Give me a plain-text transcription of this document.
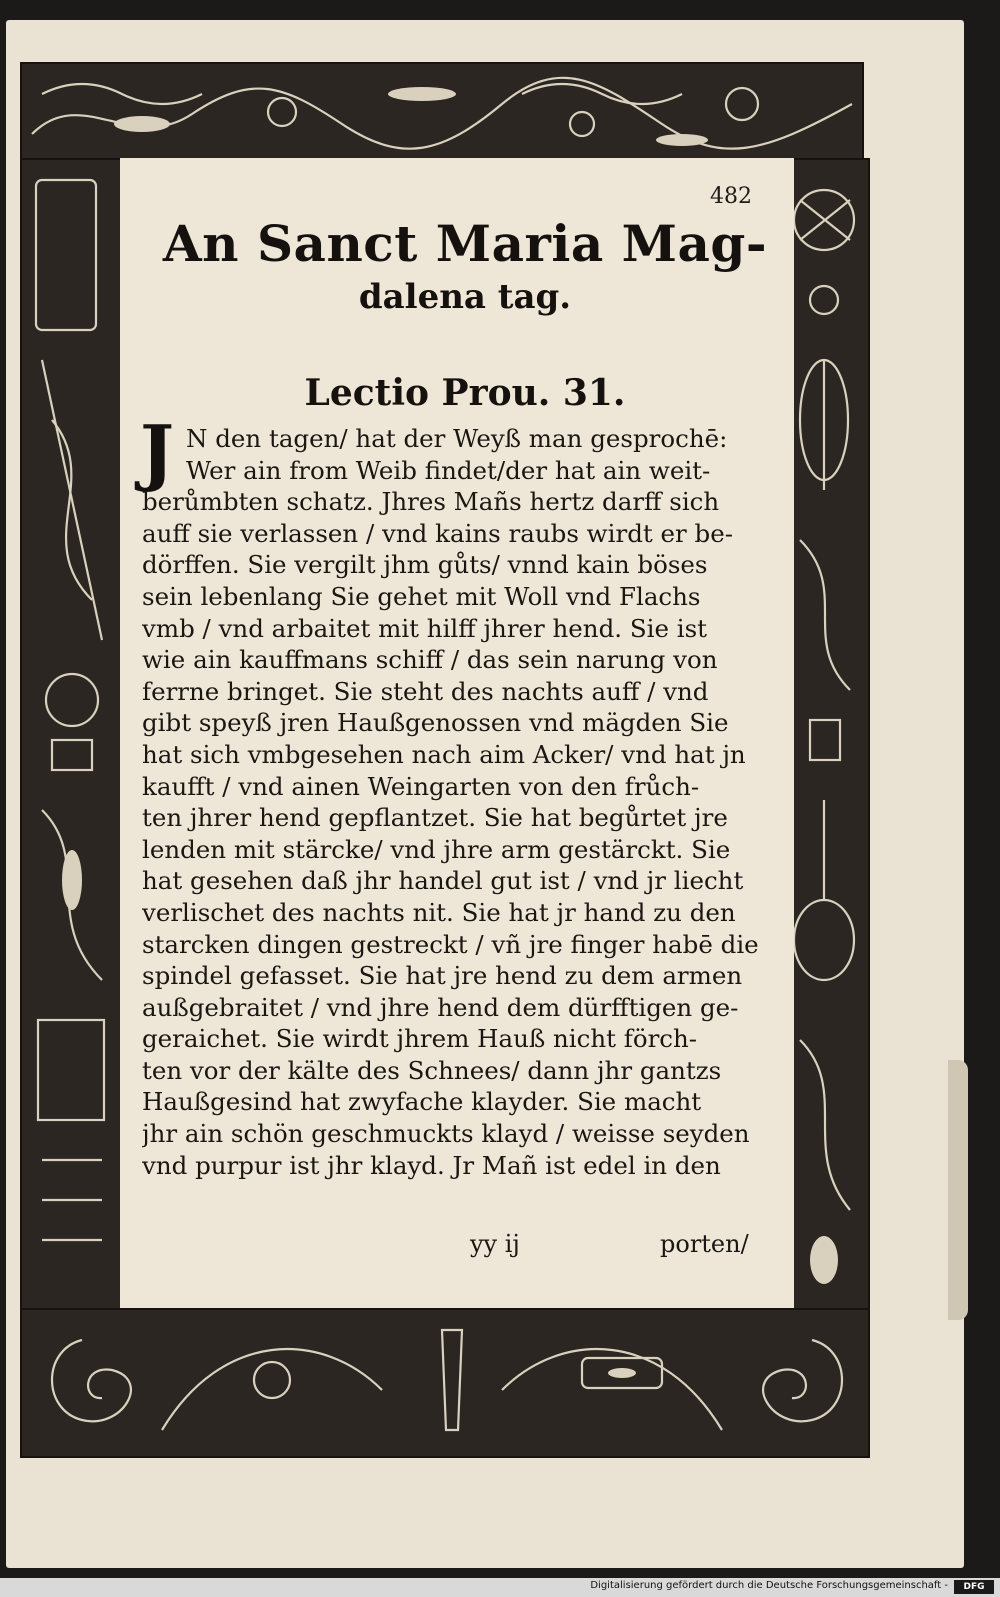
482
An Sanct Maria Mag-
dalena tag.
Lectio Prou. 31.
J N den tagen/ hat der Weyß man gesprochē:
Wer ain from Weib findet/der hat ain weit-
berůmbten schatz. Jhres Mañs hertz darff sich
auff sie verlassen / vnd kains raubs wirdt er be-
dörffen. Sie vergilt jhm gůts/ vnnd kain böses
sein lebenlang Sie gehet mit Woll vnd Flachs
vmb / vnd arbaitet mit hilff jhrer hend. Sie ist
wie ain kauffmans schiff / das sein narung von
ferrne bringet. Sie steht des nachts auff / vnd
gibt speyß jren Haußgenossen vnd mägden Sie
hat sich vmbgesehen nach aim Acker/ vnd hat jn
kaufft / vnd ainen Weingarten von den frůch-
ten jhrer hend gepflantzet. Sie hat begůrtet jre
lenden mit stärcke/ vnd jhre arm gestärckt. Sie
hat gesehen daß jhr handel gut ist / vnd jr liecht
verlischet des nachts nit. Sie hat jr hand zu den
starcken dingen gestreckt / vñ jre finger habē die
spindel gefasset. Sie hat jre hend zu dem armen
außgebraitet / vnd jhre hend dem dürfftigen ge-
geraichet. Sie wirdt jhrem Hauß nicht förch-
ten vor der kälte des Schnees/ dann jhr gantzs
Haußgesind hat zwyfache klayder. Sie macht
jhr ain schön geschmuckts klayd / weisse seyden
vnd purpur ist jhr klayd. Jr Mañ ist edel in den
yy ij	porten/
Digitalisierung gefördert durch die Deutsche Forschungsgemeinschaft -	DFG
